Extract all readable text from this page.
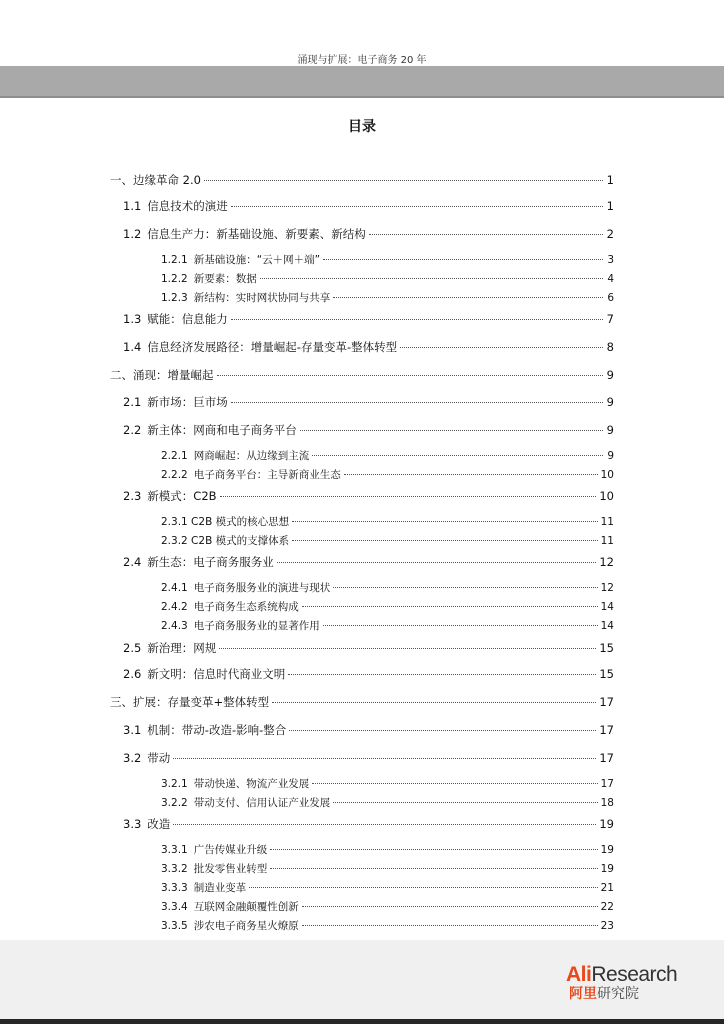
涌现与扩展：电子商务 20 年
目录
一、边缘革命 2.0	1
1.1 信息技术的演进	1
1.2 信息生产力：新基础设施、新要素、新结构	2
1.2.1 新基础设施：“云＋网＋端”	3
1.2.2 新要素：数据	4
1.2.3 新结构：实时网状协同与共享	6
1.3 赋能：信息能力	7
1.4 信息经济发展路径：增量崛起-存量变革-整体转型	8
二、涌现：增量崛起	9
2.1 新市场：巨市场	9
2.2 新主体：网商和电子商务平台	9
2.2.1 网商崛起：从边缘到主流	9
2.2.2 电子商务平台：主导新商业生态	10
2.3 新模式：C2B	10
2.3.1 C2B 模式的核心思想	11
2.3.2 C2B 模式的支撑体系	11
2.4 新生态：电子商务服务业	12
2.4.1 电子商务服务业的演进与现状	12
2.4.2 电子商务生态系统构成	14
2.4.3 电子商务服务业的显著作用	14
2.5 新治理：网规	15
2.6 新文明：信息时代商业文明	15
三、扩展：存量变革+整体转型	17
3.1 机制：带动-改造-影响-整合	17
3.2 带动	17
3.2.1 带动快递、物流产业发展	17
3.2.2 带动支付、信用认证产业发展	18
3.3 改造	19
3.3.1 广告传媒业升级	19
3.3.2 批发零售业转型	19
3.3.3 制造业变革	21
3.3.4 互联网金融颠覆性创新	22
3.3.5 涉农电子商务星火燎原	23
AliResearch
阿里研究院
